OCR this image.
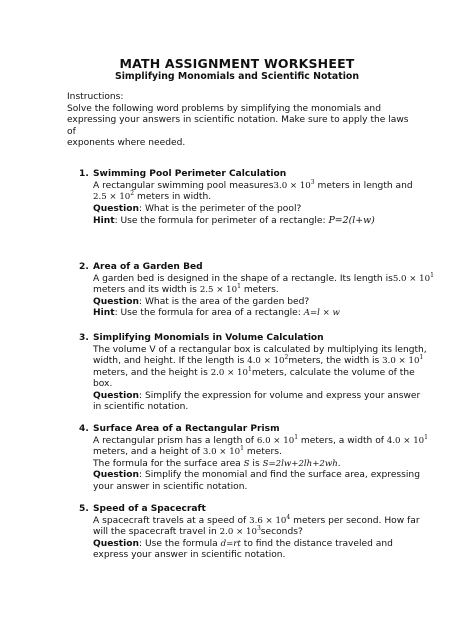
MATH ASSIGNMENT WORKSHEET
Simplifying Monomials and Scientific Notation

Instructions:

Solve the following word problems by simplifying the monomials and

expressing your answers in scientific notation. Make sure to apply the laws of

exponents where needed.

1. Swimming Pool Perimeter Calculation
A rectangular swimming pool measures3.0 × $10^3$ meters in length and
$2.5 \times 10^2$ meters in width.
Question: What is the perimeter of the pool?
Hint: Use the formula for perimeter of a rectangle: P=2(l+w)
2. Area of a Garden Bed
A garden bed is designed in the shape of a rectangle. Its length $is5.0 \times 10^1$
meters and its width is $2.5 \times 10^1$ meters.
Question: What is the area of the garden bed?
Hint: Use the formula for area of a rectangle: A=l × w
3. Simplifying Monomials in Volume Calculation
The volume V of a rectangular box is calculated by multiplying its length,
width, and height. If the length is $4.0 \times 10^2meters$, the width is $3.0 \times 10^1$
meters, and the height is $2.0 \times 10^1meters$, calculate the volume of the
box.
Question: Simplify the expression for volume and express your answer
in scientific notation.
4. Surface Area of a Rectangular Prism
A rectangular prism has a length of $6.0 \times 10^1$ meters, a width of $4.0 \times 10^1$
meters, and a height of $3.0 \times 10^1$ meters.
The formula for the surface area S is S=2lw+2lh+2wh.
Question: Simplify the monomial and find the surface area, expressing
your answer in scientific notation.
5. Speed of a Spacecraft
A spacecraft travels at a speed of $3.6 \times 10^4$ meters per second. How far
will the spacecraft travel in $2.0 \times 10^3seconds$?
Question: Use the formula d=rt to find the distance traveled and
express your answer in scientific notation.
